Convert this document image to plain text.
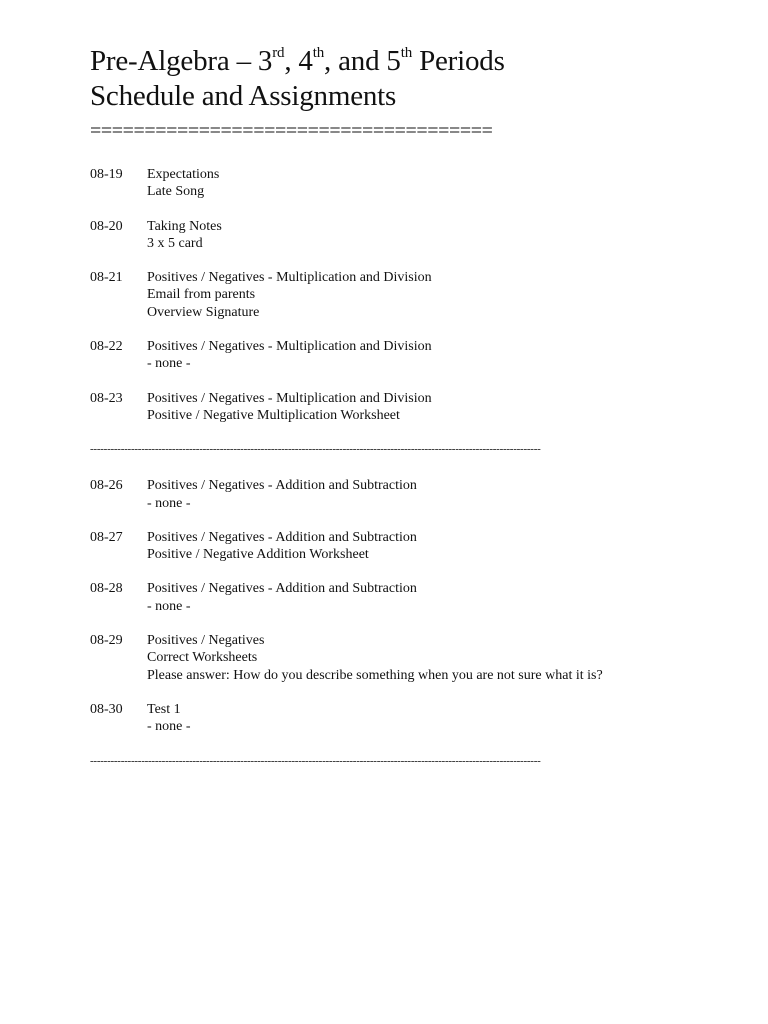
Pre-Algebra – 3rd, 4th, and 5th Periods
Schedule and Assignments
=====================================
08-19	Expectations
Late Song
08-20	Taking Notes
3 x 5 card
08-21	Positives / Negatives - Multiplication and Division
Email from parents
Overview Signature
08-22	Positives / Negatives - Multiplication and Division
- none -
08-23	Positives / Negatives - Multiplication and Division
Positive / Negative Multiplication Worksheet
------------------------------------------------------------------------------------------------------------------------------------
08-26	Positives / Negatives - Addition and Subtraction
- none -
08-27	Positives / Negatives - Addition and Subtraction
Positive / Negative Addition Worksheet
08-28	Positives / Negatives - Addition and Subtraction
- none -
08-29	Positives / Negatives
Correct Worksheets
Please answer: How do you describe something when you are not sure what it is?
08-30	Test 1
- none -
------------------------------------------------------------------------------------------------------------------------------------
